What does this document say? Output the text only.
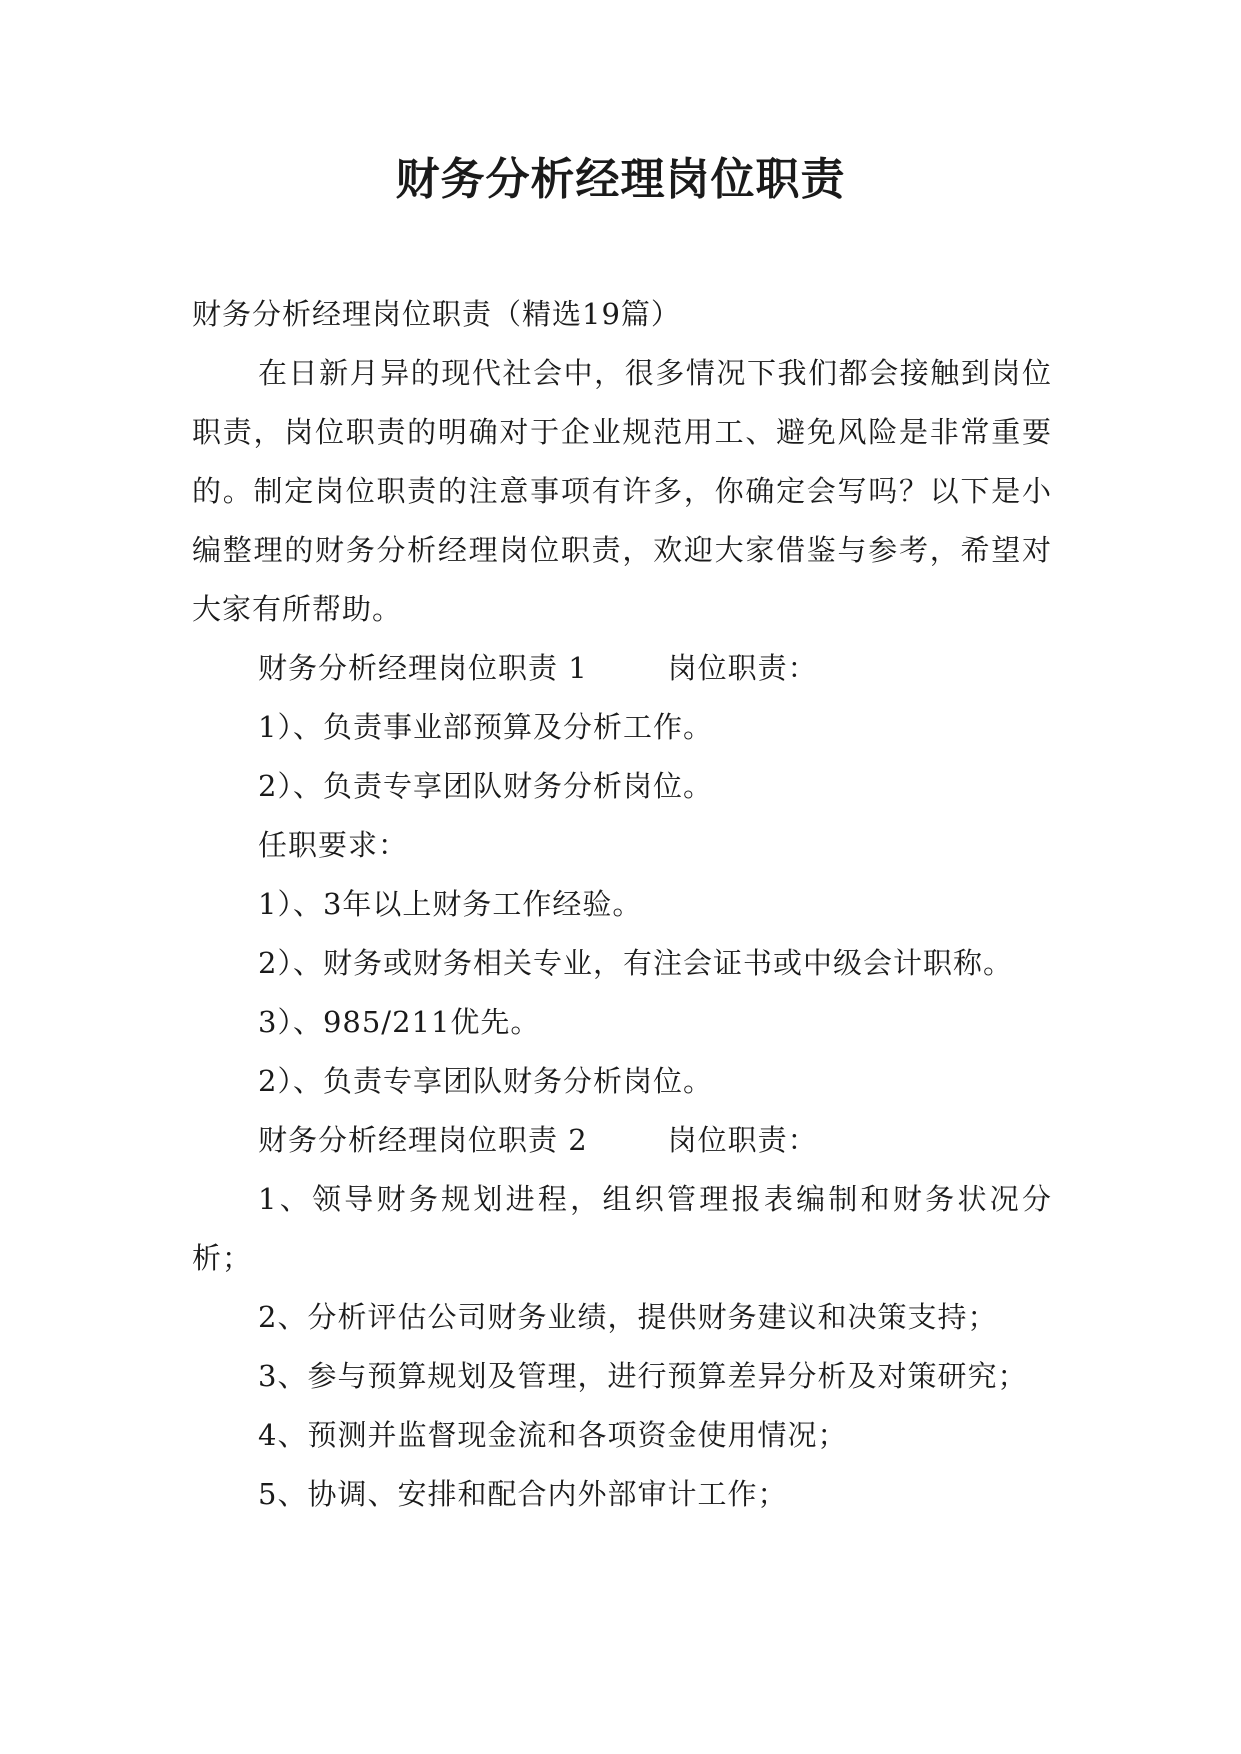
财务分析经理岗位职责

财务分析经理岗位职责（精选19篇）

在日新月异的现代社会中，很多情况下我们都会接触到岗位职责，岗位职责的明确对于企业规范用工、避免风险是非常重要的。制定岗位职责的注意事项有许多，你确定会写吗？以下是小编整理的财务分析经理岗位职责，欢迎大家借鉴与参考，希望对大家有所帮助。

财务分析经理岗位职责 1	岗位职责：

1）、负责事业部预算及分析工作。

2）、负责专享团队财务分析岗位。

任职要求：

1）、3年以上财务工作经验。

2）、财务或财务相关专业，有注会证书或中级会计职称。

3）、985/211优先。

2）、负责专享团队财务分析岗位。

财务分析经理岗位职责 2	岗位职责：

1、领导财务规划进程，组织管理报表编制和财务状况分析；

2、分析评估公司财务业绩，提供财务建议和决策支持；

3、参与预算规划及管理，进行预算差异分析及对策研究；

4、预测并监督现金流和各项资金使用情况；

5、协调、安排和配合内外部审计工作；
